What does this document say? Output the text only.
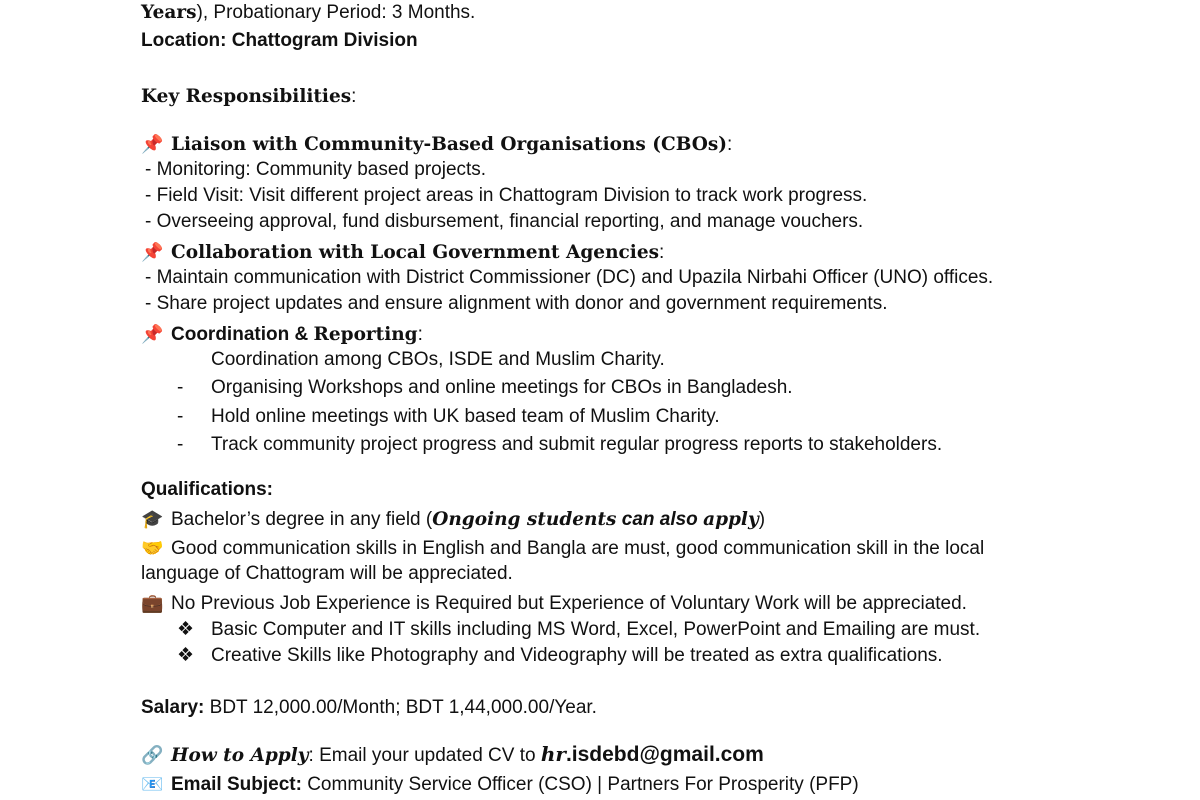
Years), Probationary Period: 3 Months.
Location: Chattogram Division
Key Responsibilities:
📌 Liaison with Community-Based Organisations (CBOs):
- Monitoring: Community based projects.
- Field Visit: Visit different project areas in Chattogram Division to track work progress.
- Overseeing approval, fund disbursement, financial reporting, and manage vouchers.
📌 Collaboration with Local Government Agencies:
- Maintain communication with District Commissioner (DC) and Upazila Nirbahi Officer (UNO) offices.
- Share project updates and ensure alignment with donor and government requirements.
📌 Coordination & Reporting:
Coordination among CBOs, ISDE and Muslim Charity.
- Organising Workshops and online meetings for CBOs in Bangladesh.
- Hold online meetings with UK based team of Muslim Charity.
- Track community project progress and submit regular progress reports to stakeholders.
Qualifications:
🎓 Bachelor’s degree in any field (Ongoing students can also apply)
🤝 Good communication skills in English and Bangla are must, good communication skill in the local
language of Chattogram will be appreciated.
💼 No Previous Job Experience is Required but Experience of Voluntary Work will be appreciated.
❖ Basic Computer and IT skills including MS Word, Excel, PowerPoint and Emailing are must.
❖ Creative Skills like Photography and Videography will be treated as extra qualifications.
Salary: BDT 12,000.00/Month; BDT 1,44,000.00/Year.
🔗 How to Apply: Email your updated CV to hr.isdebd@gmail.com
📧 Email Subject: Community Service Officer (CSO) | Partners For Prosperity (PFP)
